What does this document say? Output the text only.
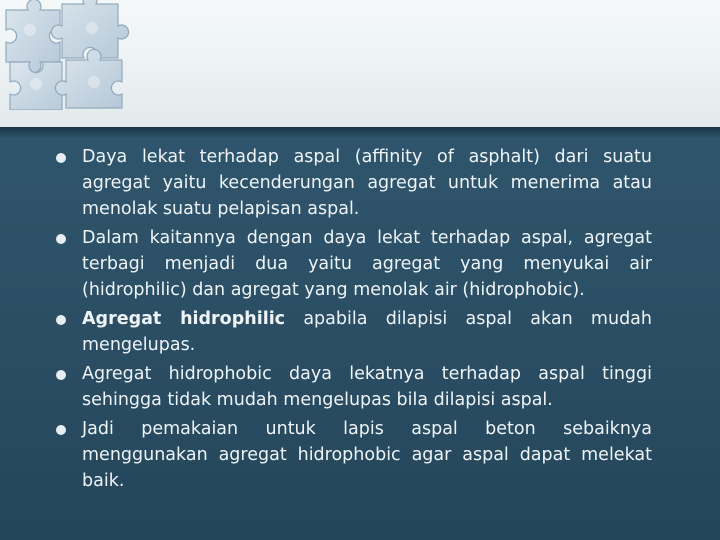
Daya lekat terhadap aspal (affinity of asphalt) dari suatu agregat yaitu kecenderungan agregat untuk menerima atau menolak suatu pelapisan aspal.
Dalam kaitannya dengan daya lekat terhadap aspal, agregat terbagi menjadi dua yaitu agregat yang menyukai air (hidrophilic) dan agregat yang menolak air (hidrophobic).
Agregat hidrophilic apabila dilapisi aspal akan mudah mengelupas.
Agregat hidrophobic daya lekatnya terhadap aspal tinggi sehingga tidak mudah mengelupas bila dilapisi aspal.
Jadi pemakaian untuk lapis aspal beton sebaiknya menggunakan agregat hidrophobic agar aspal dapat melekat baik.
